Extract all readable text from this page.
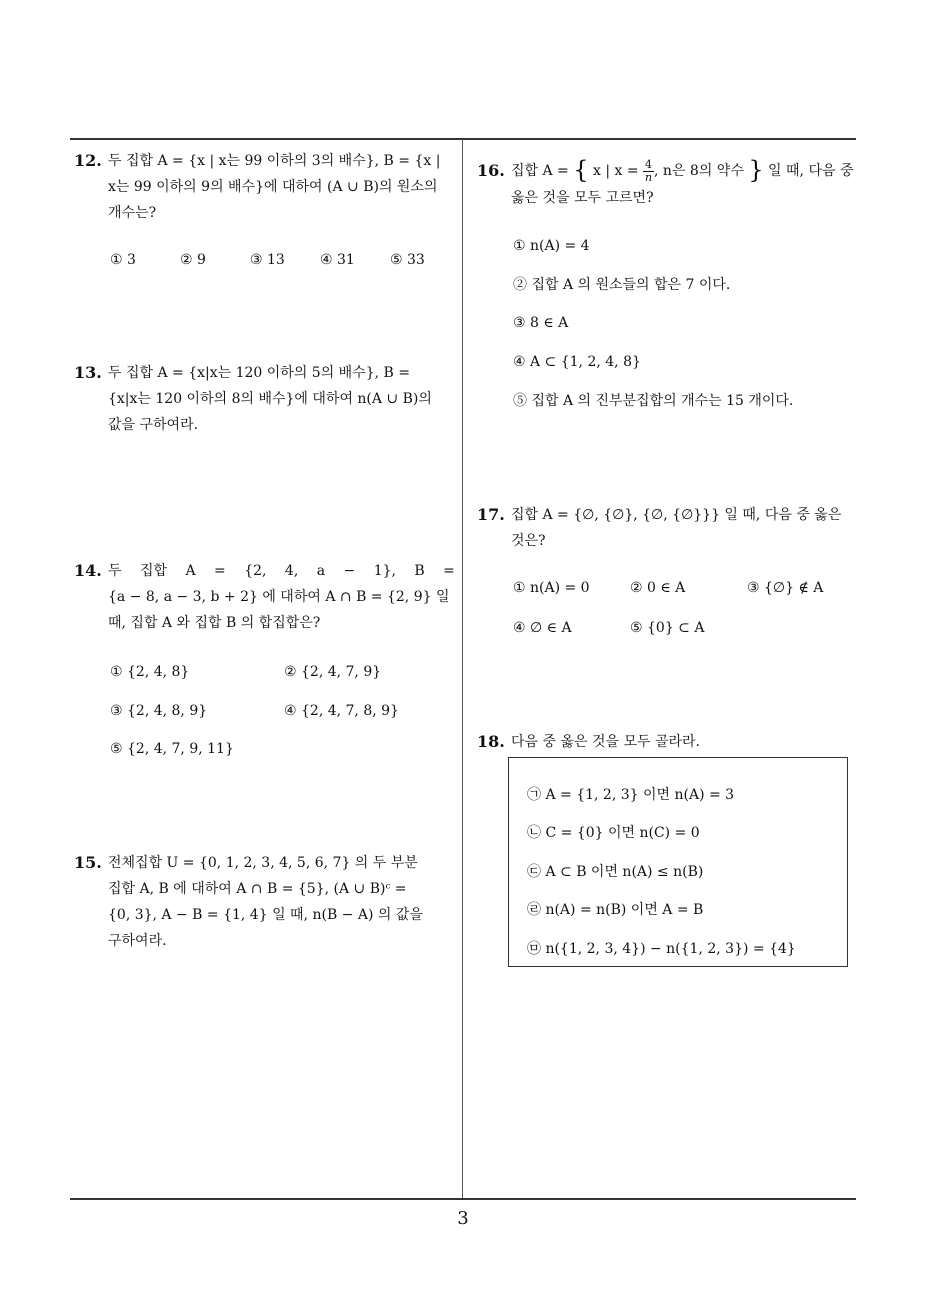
3
12. 두 집합 A = {x | x는 99 이하의 3의 배수}, B = {x |
x는 99 이하의 9의 배수}에 대하여 (A ∪ B)의 원소의
개수는?
① 3	② 9	③ 13	④ 31	⑤ 33
13. 두 집합 A = {x|x는 120 이하의 5의 배수}, B =
{x|x는 120 이하의 8의 배수}에 대하여 n(A ∪ B)의
값을 구하여라.
14. 두 집합 A = {2, 4, a − 1}, B =
{a − 8, a − 3, b + 2} 에 대하여 A ∩ B = {2, 9} 일
때, 집합 A 와 집합 B 의 합집합은?
① {2, 4, 8}	② {2, 4, 7, 9}
③ {2, 4, 8, 9}	④ {2, 4, 7, 8, 9}
⑤ {2, 4, 7, 9, 11}
15. 전체집합 U = {0, 1, 2, 3, 4, 5, 6, 7} 의 두 부분
집합 A, B 에 대하여 A ∩ B = {5}, (A ∪ B)ᶜ =
{0, 3}, A − B = {1, 4} 일 때, n(B − A) 의 값을
구하여라.
16. 집합 A = { x | $x = \frac{4}{n}$ , n은 8의 약수 } 일 때, 다음 중
옳은 것을 모두 고르면?
① n(A) = 4
② 집합 A 의 원소들의 합은 7 이다.
③ 8 ∈ A
④ A ⊂ {1, 2, 4, 8}
⑤ 집합 A 의 진부분집합의 개수는 15 개이다.
17. 집합 A = {∅, {∅}, {∅, {∅}}} 일 때, 다음 중 옳은
것은?
① n(A) = 0	② 0 ∈ A	③ {∅} ∉ A
④ ∅ ∈ A	⑤ {0} ⊂ A
18. 다음 중 옳은 것을 모두 골라라.
㉠ A = {1, 2, 3} 이면 n(A) = 3
㉡ C = {0} 이면 n(C) = 0
㉢ A ⊂ B 이면 n(A) ≤ n(B)
㉣ n(A) = n(B) 이면 A = B
㉤ n({1, 2, 3, 4}) − n({1, 2, 3}) = {4}
